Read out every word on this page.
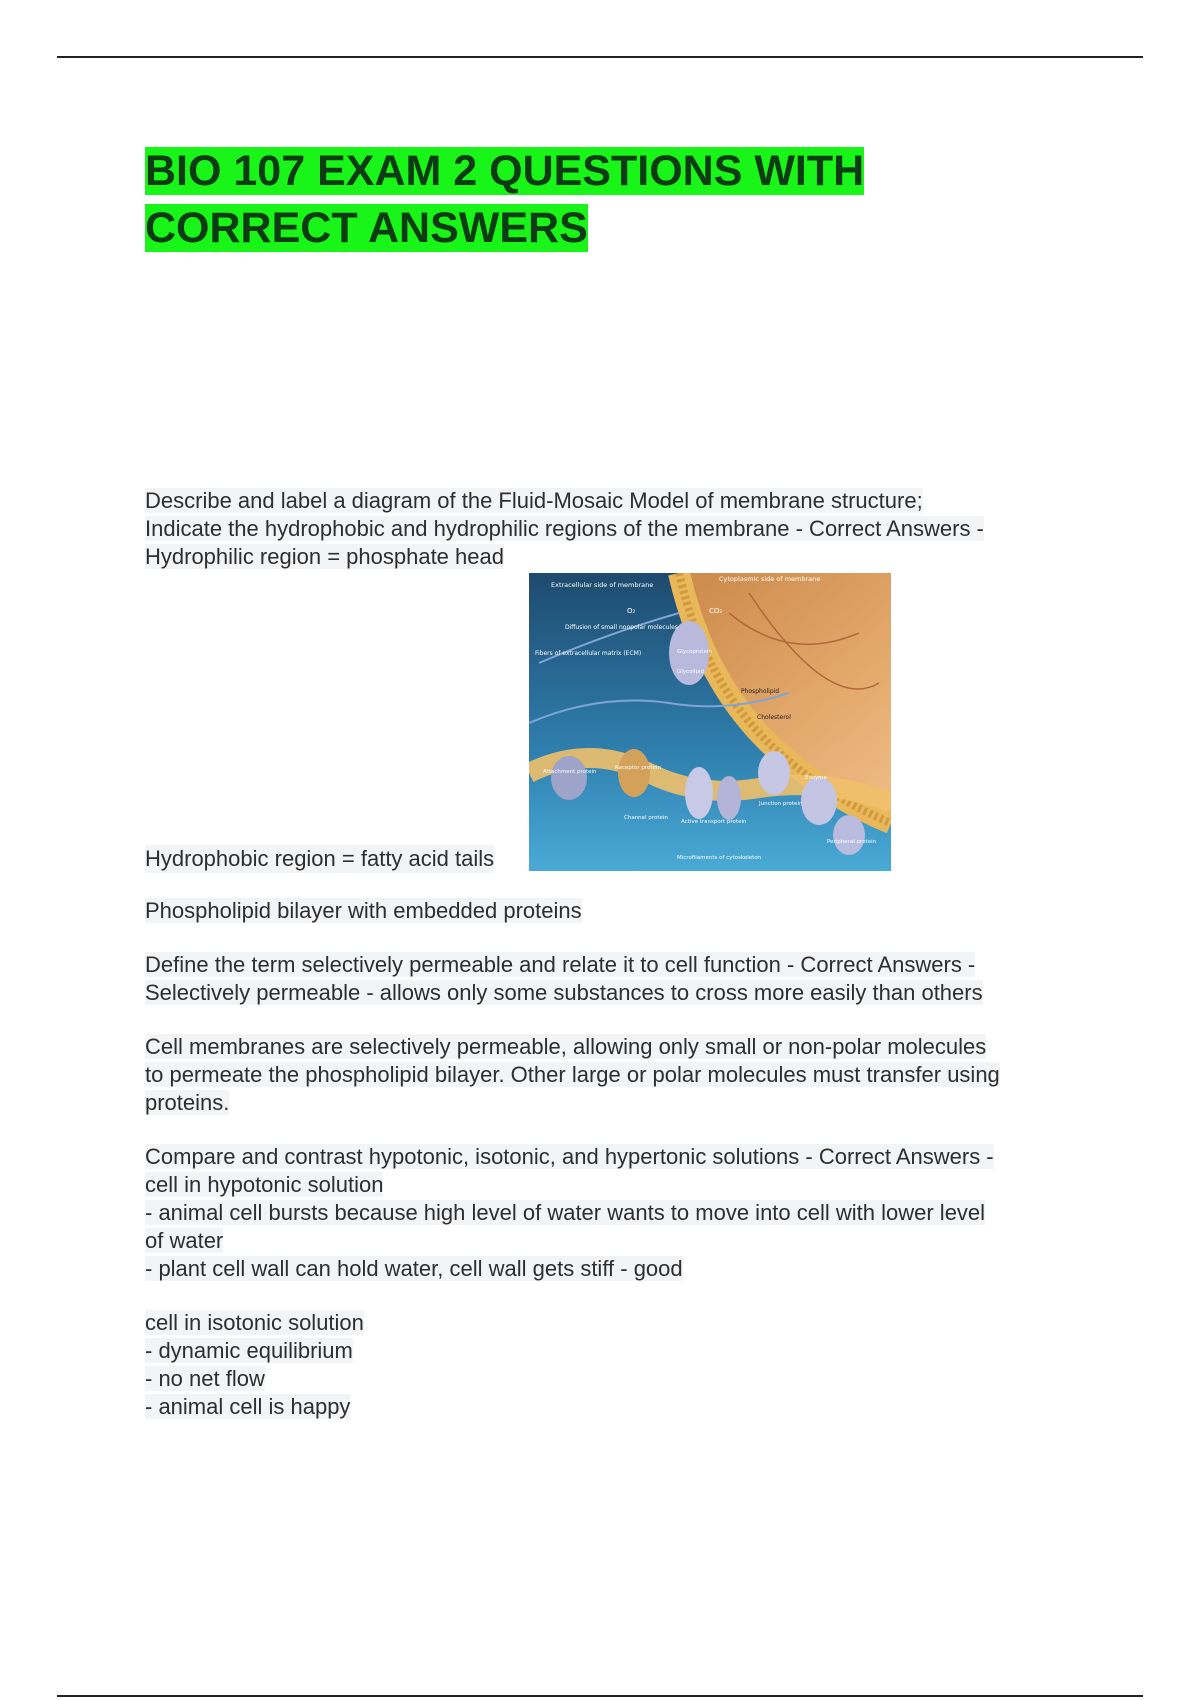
BIO 107 EXAM 2 QUESTIONS WITH
CORRECT ANSWERS

Describe and label a diagram of the Fluid-Mosaic Model of membrane structure;
Indicate the hydrophobic and hydrophilic regions of the membrane - Correct Answers -
Hydrophilic region = phosphate head

Hydrophobic region = fatty acid tails
Extracellular side of membrane
Cytoplasmic side of membrane
O₂	CO₂
Diffusion of small nonpolar molecules
Fibers of extracellular matrix (ECM)	Glycoprotein
Glycolipid
Phospholipid
Cholesterol
Attachment protein
Receptor protein
Channel protein
Active transport protein
Junction protein
Enzyme
Peripheral protein
Microfilaments of cytoskeleton

Phospholipid bilayer with embedded proteins

Define the term selectively permeable and relate it to cell function - Correct Answers -
Selectively permeable - allows only some substances to cross more easily than others

Cell membranes are selectively permeable, allowing only small or non-polar molecules
to permeate the phospholipid bilayer. Other large or polar molecules must transfer using
proteins.

Compare and contrast hypotonic, isotonic, and hypertonic solutions - Correct Answers -
cell in hypotonic solution
- animal cell bursts because high level of water wants to move into cell with lower level
of water
- plant cell wall can hold water, cell wall gets stiff - good

cell in isotonic solution
- dynamic equilibrium
- no net flow
- animal cell is happy
